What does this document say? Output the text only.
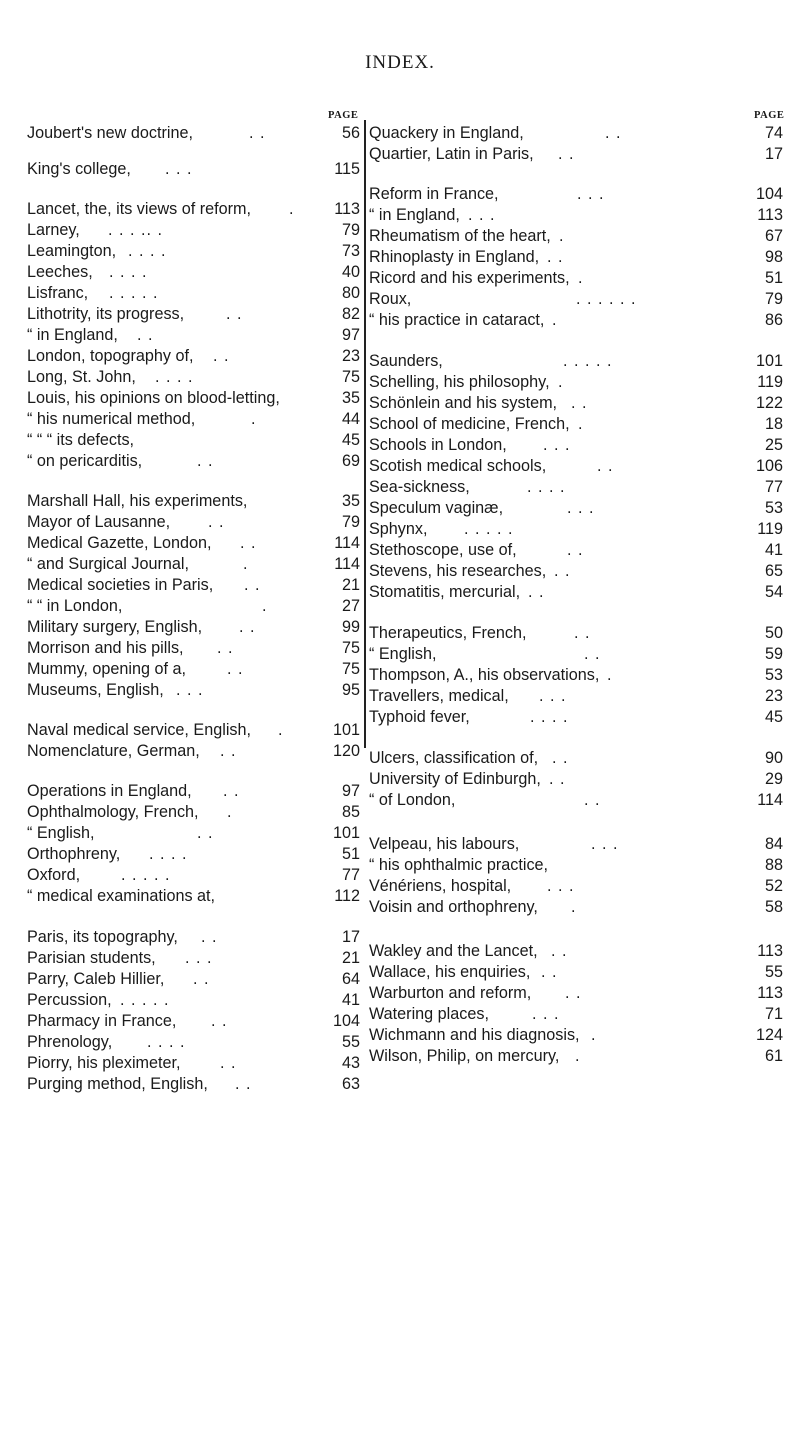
INDEX.
PAGE	PAGE
Joubert's new doctrine,	. .	56
King's college, . . .	115
Lancet, the, its views of reform, . 113
Larney, . . . .. .	79
Leamington, . . . .	73
Leeches, . . . .	40
Lisfranc, . . . . .	80
Lithotrity, its progress,	. .	82
“ in England, . .	97
London, topography of, . .	23
Long, St. John, . . . .	75
Louis, his opinions on blood-letting,	35
“ his numerical method,	.	44
“ “ “ its defects,	45
“ on pericarditis,	. .	69
Marshall Hall, his experiments,	35
Mayor of Lausanne, . .	79
Medical Gazette, London, . .	114
“ and Surgical Journal,	.	114
Medical societies in Paris, . .	21
“ “ in London,	.	27
Military surgery, English, . .	99
Morrison and his pills, . .	75
Mummy, opening of a,	. .	75
Museums, English, . . .	95
Naval medical service, English, .	101
Nomenclature, German, . .	120
Operations in England, . .	97
Ophthalmology, French, .	85
“ English,	. .	101
Orthophreny, . . . .	51
Oxford,	. . . . .	77
“ medical examinations at,	112
Paris, its topography, . .	17
Parisian students, . . .	21
Parry, Caleb Hillier, . .	64
Percussion, . . . . .	41
Pharmacy in France, . .	104
Phrenology, . . . .	55
Piorry, his pleximeter, . .	43
Purging method, English, . .	63
Quackery in England,	. .	74
Quartier, Latin in Paris, . .	17
Reform in France,	. . .	104
“ in England, . . .	113
Rheumatism of the heart, .	67
Rhinoplasty in England, . .	98
Ricord and his experiments, .	51
Roux,	. . . . . .	79
“ his practice in cataract, .	86
Saunders,	. . . . .	101
Schelling, his philosophy, .	119
Schönlein and his system, . .	122
School of medicine, French, .	18
Schools in London, . . .	25
Scotish medical schools,	. .	106
Sea-sickness,	. . . .	77
Speculum vaginæ,	. . .	53
Sphynx, . . . . .	119
Stethoscope, use of,	. .	41
Stevens, his researches, . .	65
Stomatitis, mercurial, . .	54
Therapeutics, French,	. .	50
“ English,	. .	59
Thompson, A., his observations, .	53
Travellers, medical, . . .	23
Typhoid fever,	. . . .	45
Ulcers, classification of, . .	90
University of Edinburgh, . .	29
“ of London,	. .	114
Velpeau, his labours,	. . .	84
“ his ophthalmic practice,	88
Vénériens, hospital, . . .	52
Voisin and orthophreny, .	58
Wakley and the Lancet, . .	113
Wallace, his enquiries, . .	55
Warburton and reform, . .	113
Watering places,	. . .	71
Wichmann and his diagnosis, .	124
Wilson, Philip, on mercury, .	61
